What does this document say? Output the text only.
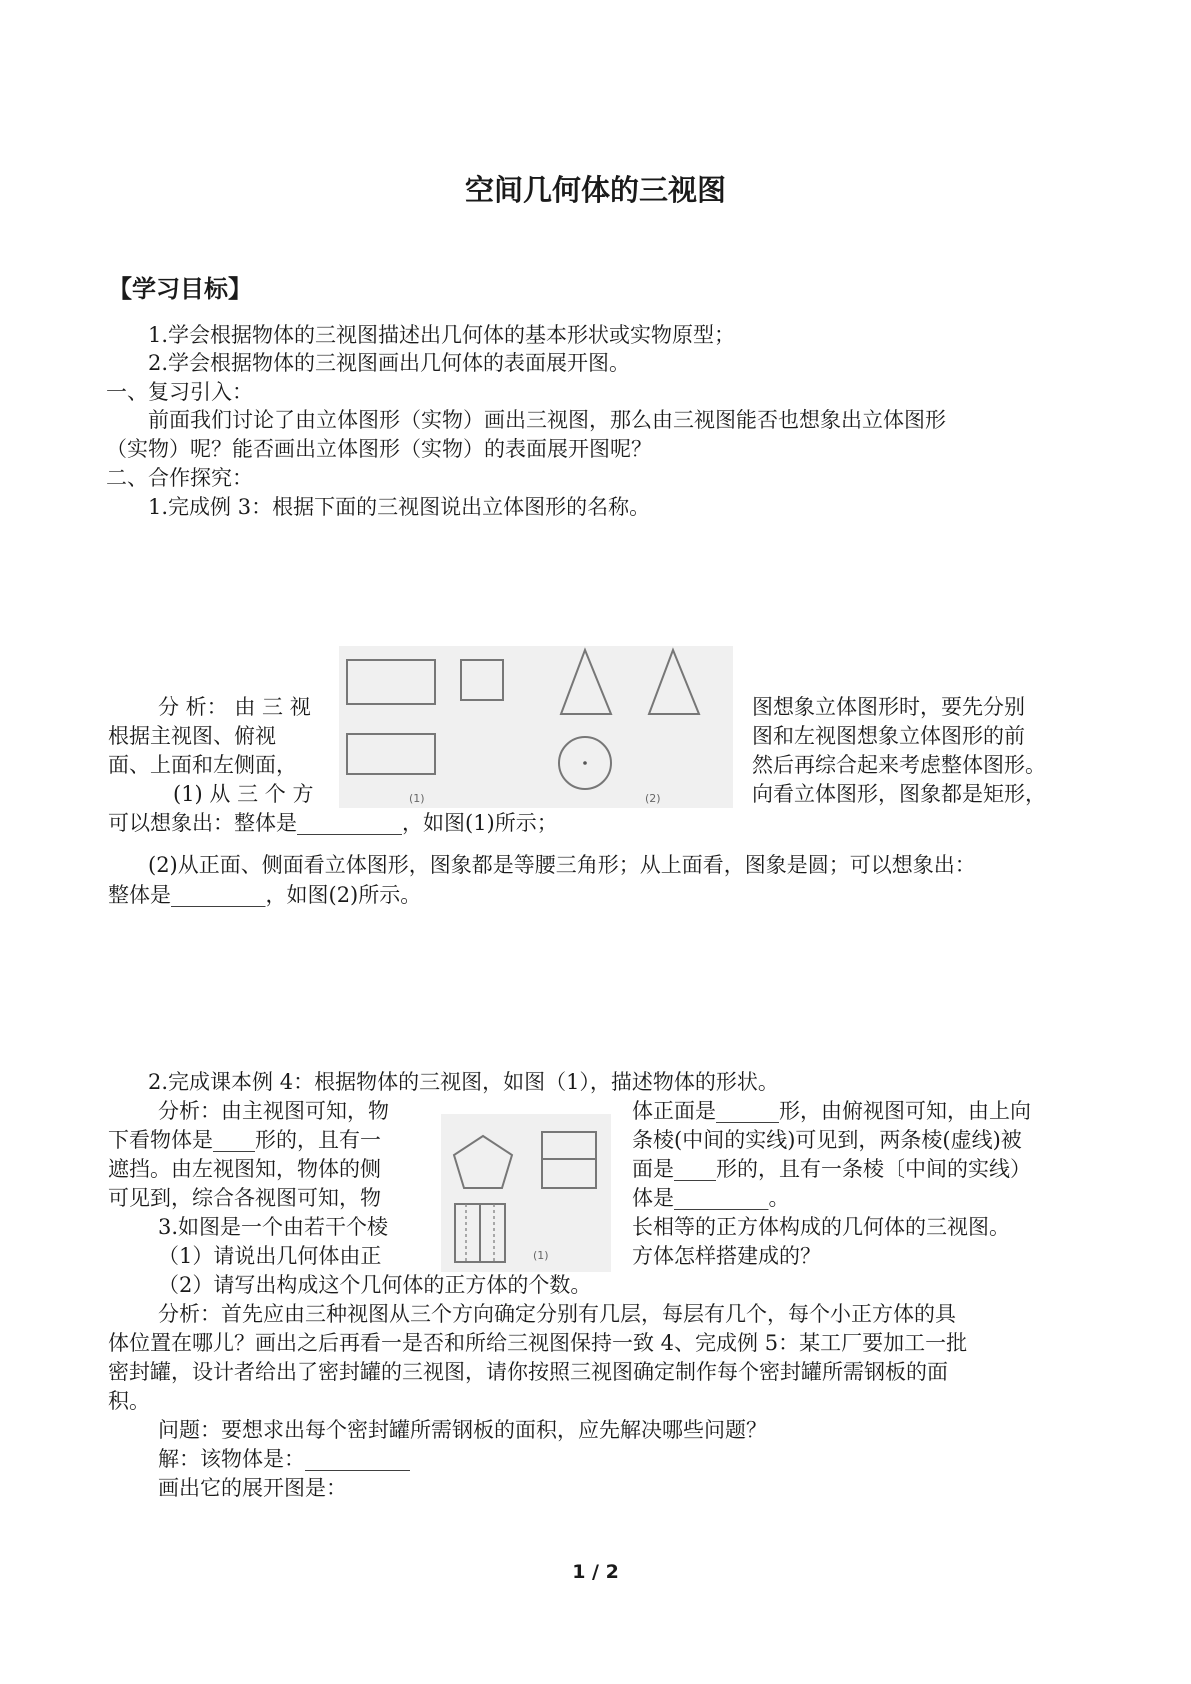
空间几何体的三视图
【学习目标】
1.学会根据物体的三视图描述出几何体的基本形状或实物原型；
2.学会根据物体的三视图画出几何体的表面展开图。
一、复习引入：
前面我们讨论了由立体图形（实物）画出三视图，那么由三视图能否也想象出立体图形
（实物）呢？能否画出立体图形（实物）的表面展开图呢？
二、合作探究：
1.完成例 3：根据下面的三视图说出立体图形的名称。
(1)	(2)
分 析： 由 三 视
根据主视图、俯视
面、上面和左侧面，
(1) 从 三 个 方
图想象立体图形时，要先分别
图和左视图想象立体图形的前
然后再综合起来考虑整体图形。
向看立体图形，图象都是矩形，
可以想象出：整体是__________，如图(1)所示；
(2)从正面、侧面看立体图形，图象都是等腰三角形；从上面看，图象是圆；可以想象出：
整体是_________，如图(2)所示。
2.完成课本例 4：根据物体的三视图，如图（1），描述物体的形状。
(1)
分析：由主视图可知，物
下看物体是____形的，且有一
遮挡。由左视图知，物体的侧
可见到，综合各视图可知，物
3.如图是一个由若干个棱
（1）请说出几何体由正
体正面是______形，由俯视图可知，由上向
条棱(中间的实线)可见到，两条棱(虚线)被
面是____形的，且有一条棱〔中间的实线）
体是_________。
长相等的正方体构成的几何体的三视图。
方体怎样搭建成的？
（2）请写出构成这个几何体的正方体的个数。
分析：首先应由三种视图从三个方向确定分别有几层，每层有几个，每个小正方体的具
体位置在哪儿？画出之后再看一是否和所给三视图保持一致 4、完成例 5：某工厂要加工一批
密封罐，设计者给出了密封罐的三视图，请你按照三视图确定制作每个密封罐所需钢板的面
积。
问题：要想求出每个密封罐所需钢板的面积，应先解决哪些问题？
解：该物体是：__________
画出它的展开图是：
1 / 2
